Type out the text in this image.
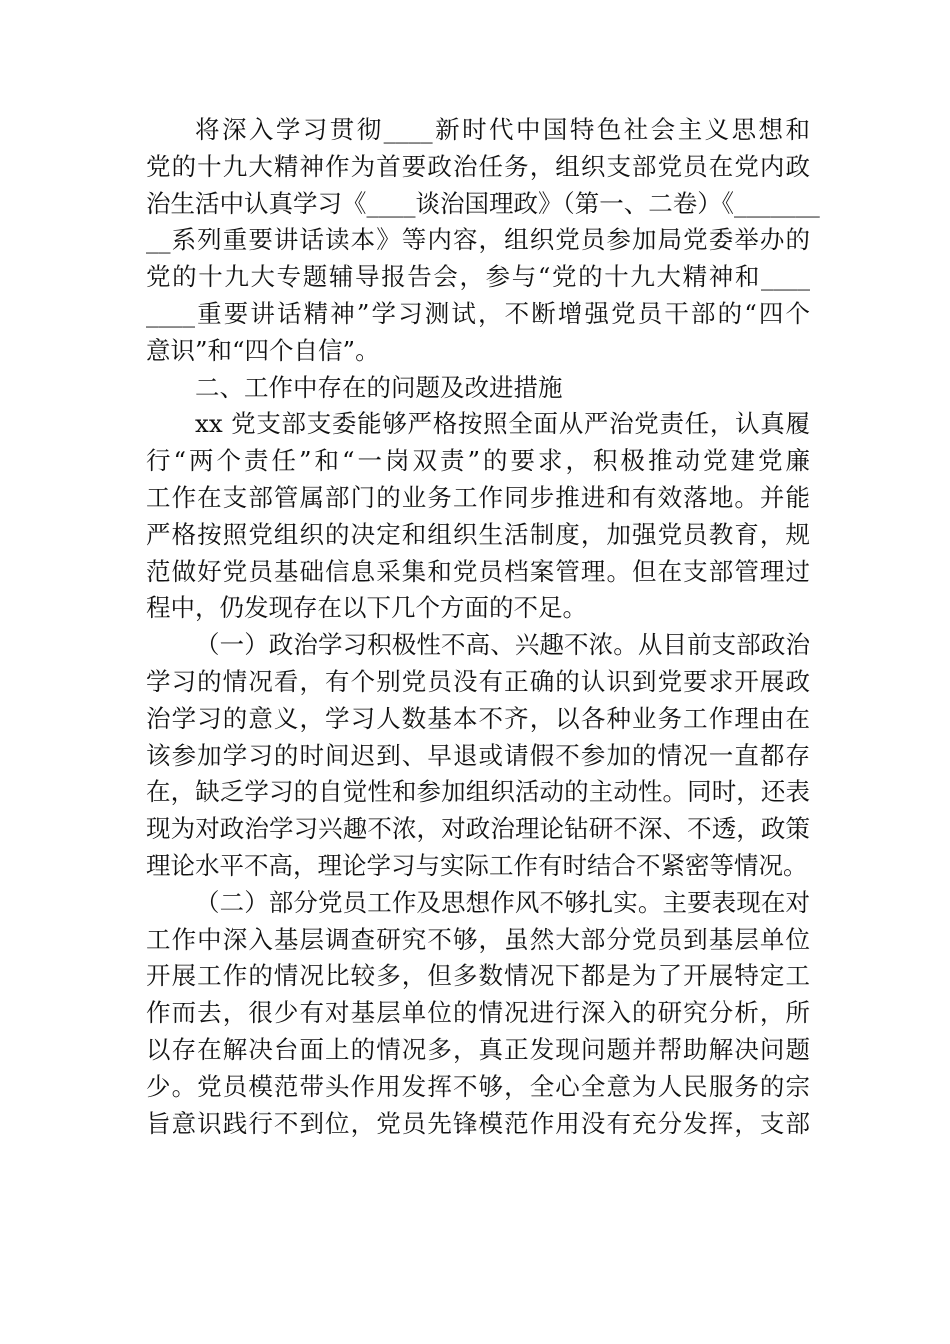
将深入学习贯彻____新时代中国特色社会主义思想和
党的十九大精神作为首要政治任务，组织支部党员在党内政
治生活中认真学习《____谈治国理政》（第一、二卷）《_______
__系列重要讲话读本》等内容，组织党员参加局党委举办的
党的十九大专题辅导报告会，参与“党的十九大精神和____
____重要讲话精神”学习测试，不断增强党员干部的“四个
意识”和“四个自信”。
二、工作中存在的问题及改进措施
xx 党支部支委能够严格按照全面从严治党责任，认真履
行“两个责任”和“一岗双责”的要求，积极推动党建党廉
工作在支部管属部门的业务工作同步推进和有效落地。并能
严格按照党组织的决定和组织生活制度，加强党员教育，规
范做好党员基础信息采集和党员档案管理。但在支部管理过
程中，仍发现存在以下几个方面的不足。
（一）政治学习积极性不高、兴趣不浓。从目前支部政治
学习的情况看，有个别党员没有正确的认识到党要求开展政
治学习的意义，学习人数基本不齐，以各种业务工作理由在
该参加学习的时间迟到、早退或请假不参加的情况一直都存
在，缺乏学习的自觉性和参加组织活动的主动性。同时，还表
现为对政治学习兴趣不浓，对政治理论钻研不深、不透，政策
理论水平不高，理论学习与实际工作有时结合不紧密等情况。
（二）部分党员工作及思想作风不够扎实。主要表现在对
工作中深入基层调查研究不够，虽然大部分党员到基层单位
开展工作的情况比较多，但多数情况下都是为了开展特定工
作而去，很少有对基层单位的情况进行深入的研究分析，所
以存在解决台面上的情况多，真正发现问题并帮助解决问题
少。党员模范带头作用发挥不够，全心全意为人民服务的宗
旨意识践行不到位，党员先锋模范作用没有充分发挥，支部
